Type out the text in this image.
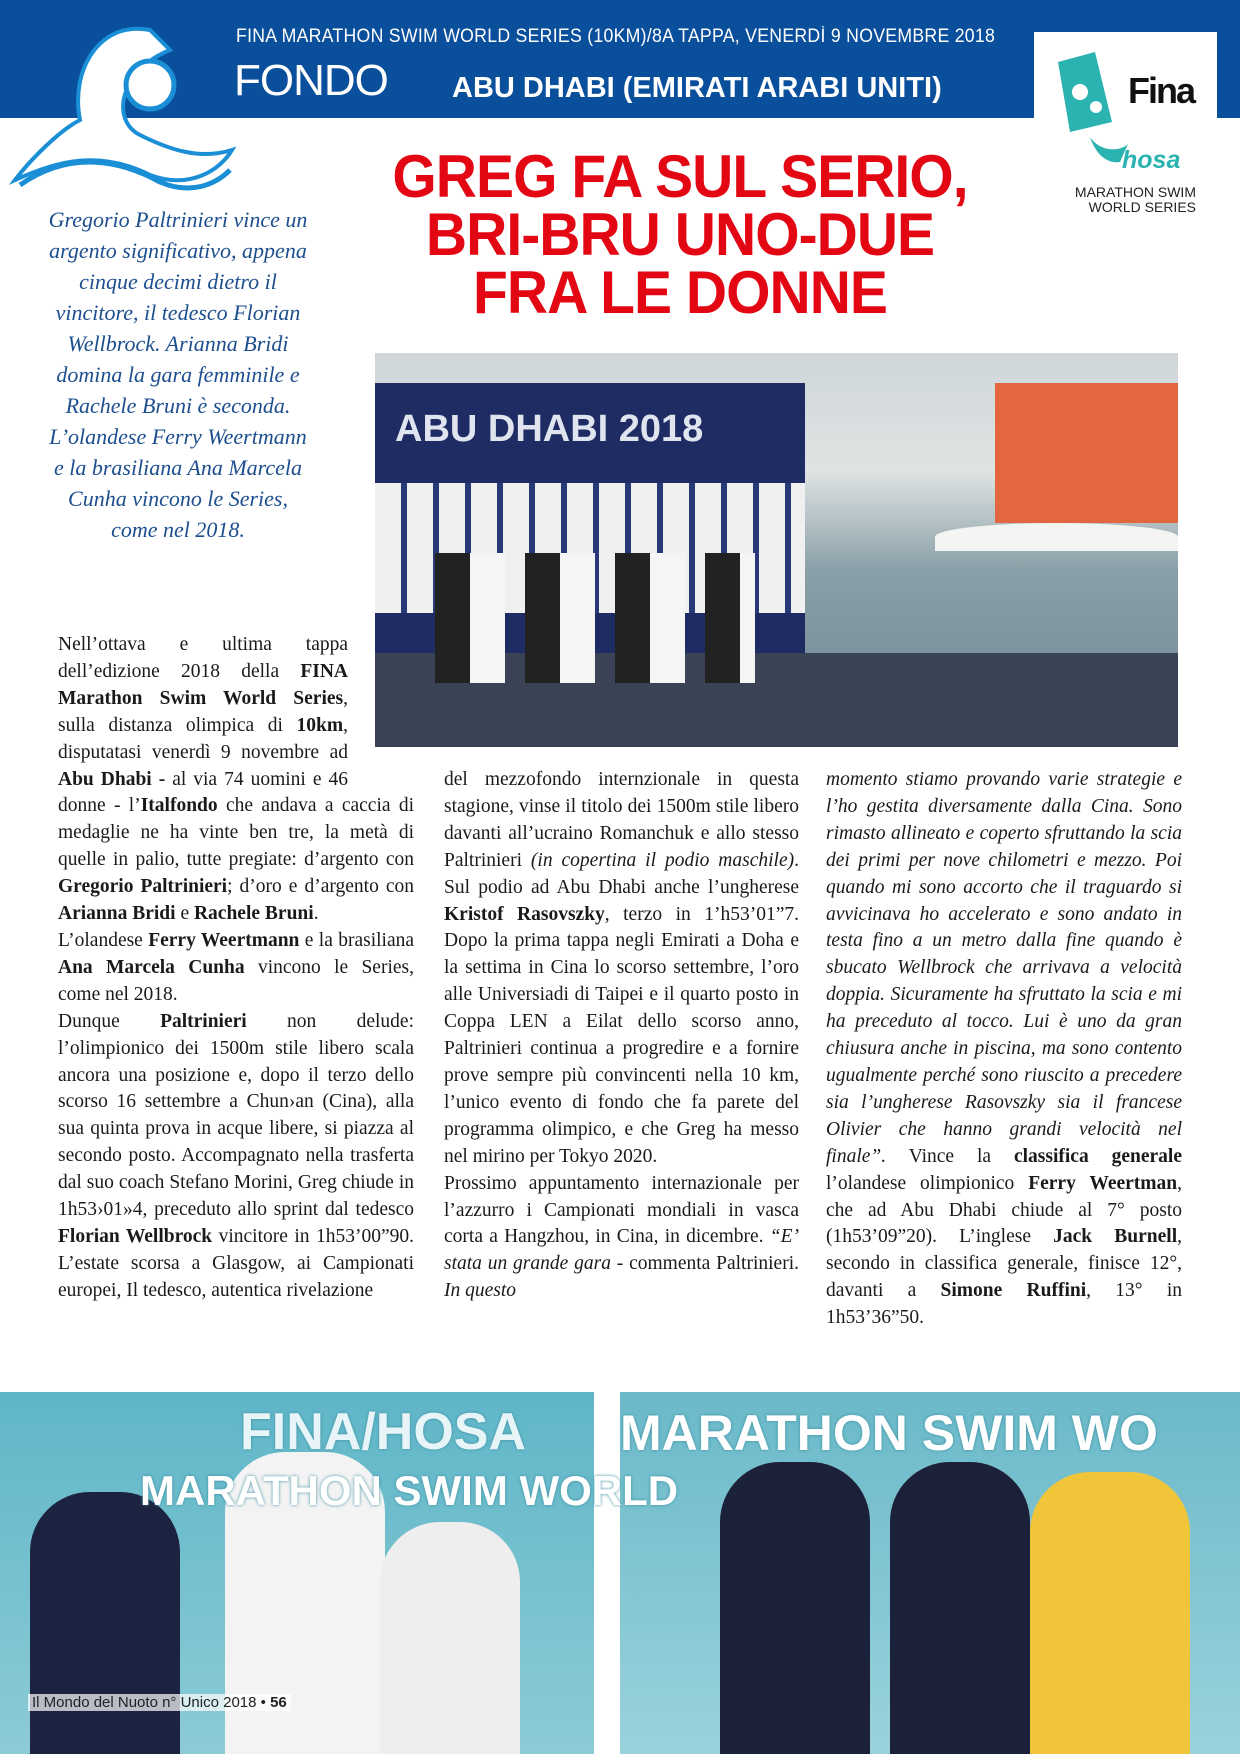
FINA MARATHON SWIM WORLD SERIES (10KM)/8A TAPPA, VENERDÌ 9 NOVEMBRE 2018
FONDO ABU DHABI (EMIRATI ARABI UNITI)	Fina
hosa
MARATHON SWIM
WORLD SERIES
GREG FA SUL SERIO,
BRI-BRU UNO-DUE
FRA LE DONNE
Gregorio Paltrinieri vince un argento significativo, appena cinque decimi dietro il vincitore, il tedesco Florian Wellbrock. Arianna Bridi domina la gara femminile e Rachele Bruni è seconda. L’olandese Ferry Weertmann e la brasiliana Ana Marcela Cunha vincono le Series, come nel 2018.
ABU DHABI 2018

Nell’ottava e ultima tappa dell’edizione 2018 della FINA Marathon Swim World Series, sulla distanza olimpica di 10km, disputatasi venerdì 9 novembre ad Abu Dhabi - al via 74 uomini e 46 donne - l’Italfondo che andava a caccia di medaglie ne ha vinte ben tre, la metà di quelle in palio, tutte pregiate: d’argento con Gregorio Paltrinieri; d’oro e d’argento con Arianna Bridi e Rachele Bruni.

L’olandese Ferry Weertmann e la brasiliana Ana Marcela Cunha vincono le Series, come nel 2018.

Dunque Paltrinieri non delude: l’olimpionico dei 1500m stile libero scala ancora una posizione e, dopo il terzo dello scorso 16 settembre a Chun›an (Cina), alla sua quinta prova in acque libere, si piazza al secondo posto. Accompagnato nella trasferta dal suo coach Stefano Morini, Greg chiude in 1h53›01»4, preceduto allo sprint dal tedesco Florian Wellbrock vincitore in 1h53’00”90. L’estate scorsa a Glasgow, ai Campionati europei, Il tedesco, autentica rivelazione

del mezzofondo internzionale in questa stagione, vinse il titolo dei 1500m stile libero davanti all’ucraino Romanchuk e allo stesso Paltrinieri (in copertina il podio maschile). Sul podio ad Abu Dhabi anche l’ungherese Kristof Rasovszky, terzo in 1’h53’01”7. Dopo la prima tappa negli Emirati a Doha e la settima in Cina lo scorso settembre, l’oro alle Universiadi di Taipei e il quarto posto in Coppa LEN a Eilat dello scorso anno, Paltrinieri continua a progredire e a fornire prove sempre più convincenti nella 10 km, l’unico evento di fondo che fa parete del programma olimpico, e che Greg ha messo nel mirino per Tokyo 2020.

Prossimo appuntamento internazionale per l’azzurro i Campionati mondiali in vasca corta a Hangzhou, in Cina, in dicembre. “E’ stata un grande gara - commenta Paltrinieri. In questo

momento stiamo provando varie strategie e l’ho gestita diversamente dalla Cina. Sono rimasto allineato e coperto sfruttando la scia dei primi per nove chilometri e mezzo. Poi quando mi sono accorto che il traguardo si avvicinava ho accelerato e sono andato in testa fino a un metro dalla fine quando è sbucato Wellbrock che arrivava a velocità doppia. Sicuramente ha sfruttato la scia e mi ha preceduto al tocco. Lui è uno da gran chiusura anche in piscina, ma sono contento ugualmente perché sono riuscito a precedere sia l’ungherese Rasovszky sia il francese Olivier che hanno grandi velocità nel finale”. Vince la classifica generale l’olandese olimpionico Ferry Weertman, che ad Abu Dhabi chiude al 7° posto (1h53’09”20). L’inglese Jack Burnell, secondo in classifica generale, finisce 12°, davanti a Simone Ruffini, 13° in 1h53’36”50.

FINA/HOSA
MARATHON SWIM WORLD
MARATHON SWIM WO
Il Mondo del Nuoto n° Unico 2018 • 56
